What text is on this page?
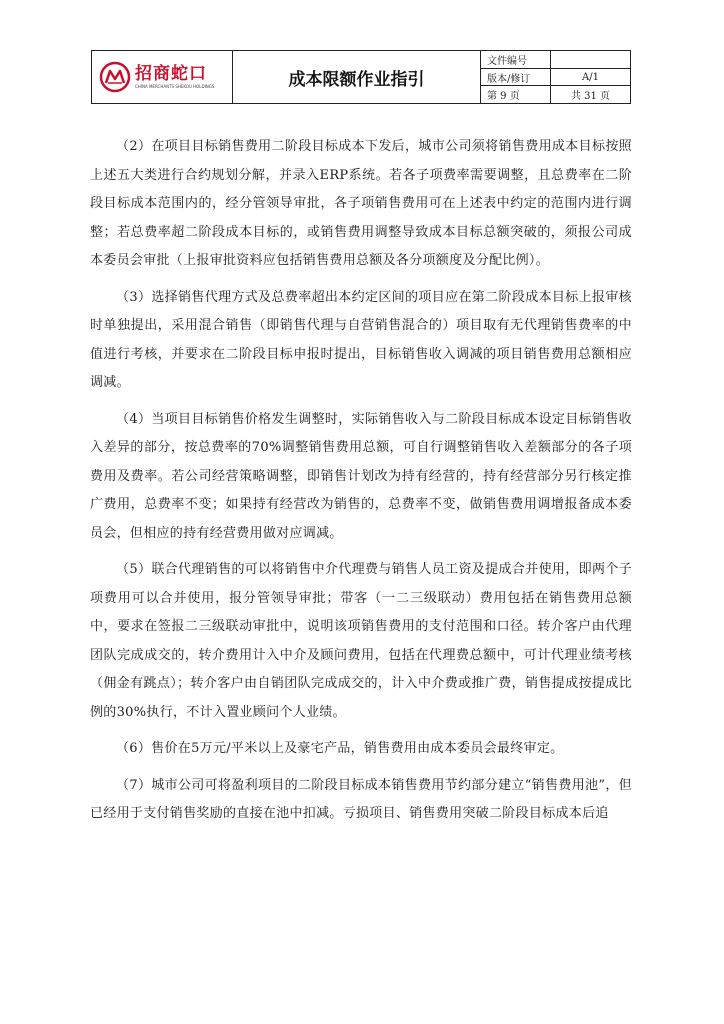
招商蛇口
CHINA MERCHANTS SHEKOU HOLDINGS	成本限额作业指引
文件编号
版本/修订	A/1
第 9 页	共 31 页

（2）在项目目标销售费用二阶段目标成本下发后，城市公司须将销售费用成本目标按照上述五大类进行合约规划分解，并录入ERP系统。若各子项费率需要调整，且总费率在二阶段目标成本范围内的，经分管领导审批，各子项销售费用可在上述表中约定的范围内进行调整；若总费率超二阶段成本目标的，或销售费用调整导致成本目标总额突破的，须报公司成本委员会审批（上报审批资料应包括销售费用总额及各分项额度及分配比例）。

（3）选择销售代理方式及总费率超出本约定区间的项目应在第二阶段成本目标上报审核时单独提出，采用混合销售（即销售代理与自营销售混合的）项目取有无代理销售费率的中值进行考核，并要求在二阶段目标申报时提出，目标销售收入调减的项目销售费用总额相应调减。

（4）当项目目标销售价格发生调整时，实际销售收入与二阶段目标成本设定目标销售收入差异的部分，按总费率的70%调整销售费用总额，可自行调整销售收入差额部分的各子项费用及费率。若公司经营策略调整，即销售计划改为持有经营的，持有经营部分另行核定推广费用，总费率不变；如果持有经营改为销售的，总费率不变，做销售费用调增报备成本委员会，但相应的持有经营费用做对应调减。

（5）联合代理销售的可以将销售中介代理费与销售人员工资及提成合并使用，即两个子项费用可以合并使用，报分管领导审批；带客（一二三级联动）费用包括在销售费用总额中，要求在签报二三级联动审批中，说明该项销售费用的支付范围和口径。转介客户由代理团队完成成交的，转介费用计入中介及顾问费用，包括在代理费总额中，可计代理业绩考核（佣金有跳点）；转介客户由自销团队完成成交的，计入中介费或推广费，销售提成按提成比例的30%执行，不计入置业顾问个人业绩。

（6）售价在5万元/平米以上及豪宅产品，销售费用由成本委员会最终审定。

（7）城市公司可将盈利项目的二阶段目标成本销售费用节约部分建立“销售费用池”，但已经用于支付销售奖励的直接在池中扣减。亏损项目、销售费用突破二阶段目标成本后追
